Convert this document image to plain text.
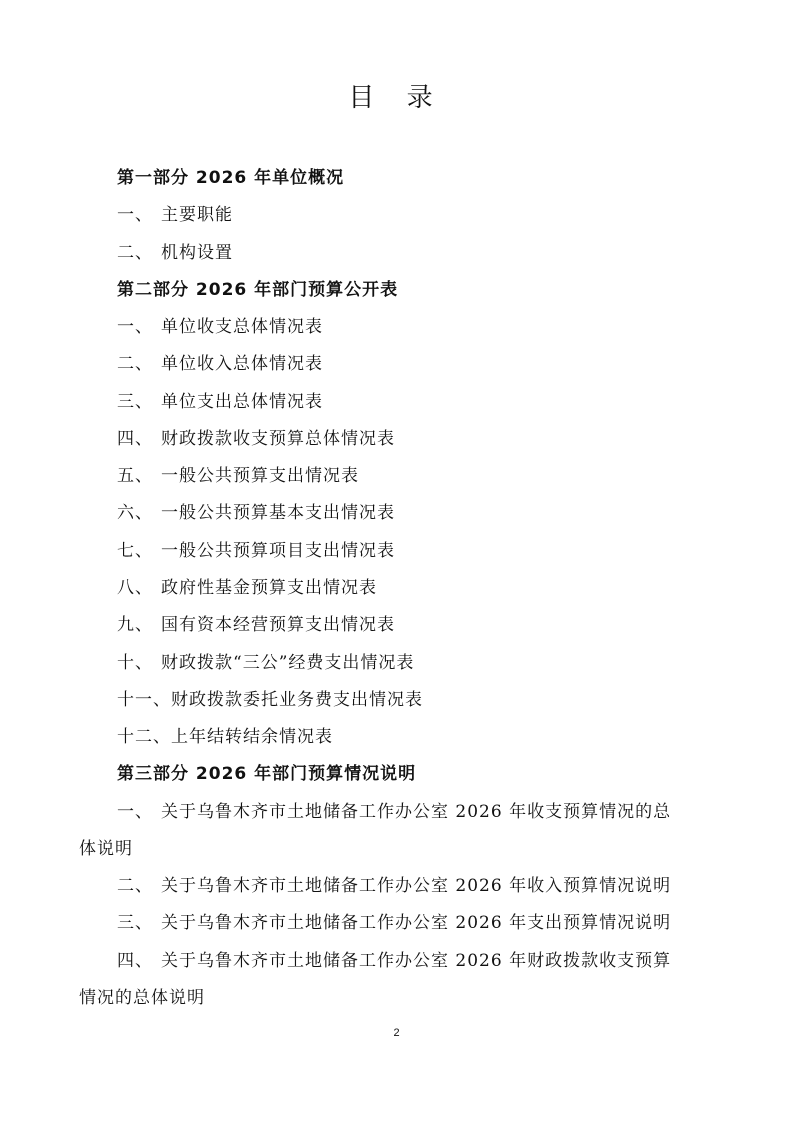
目 录
第一部分 2026 年单位概况
一、 主要职能
二、 机构设置
第二部分 2026 年部门预算公开表
一、 单位收支总体情况表
二、 单位收入总体情况表
三、 单位支出总体情况表
四、 财政拨款收支预算总体情况表
五、 一般公共预算支出情况表
六、 一般公共预算基本支出情况表
七、 一般公共预算项目支出情况表
八、 政府性基金预算支出情况表
九、 国有资本经营预算支出情况表
十、 财政拨款“三公”经费支出情况表
十一、财政拨款委托业务费支出情况表
十二、上年结转结余情况表
第三部分 2026 年部门预算情况说明
一、 关于乌鲁木齐市土地储备工作办公室 2026 年收支预算情况的总体说明
二、 关于乌鲁木齐市土地储备工作办公室 2026 年收入预算情况说明
三、 关于乌鲁木齐市土地储备工作办公室 2026 年支出预算情况说明
四、 关于乌鲁木齐市土地储备工作办公室 2026 年财政拨款收支预算情况的总体说明
2
